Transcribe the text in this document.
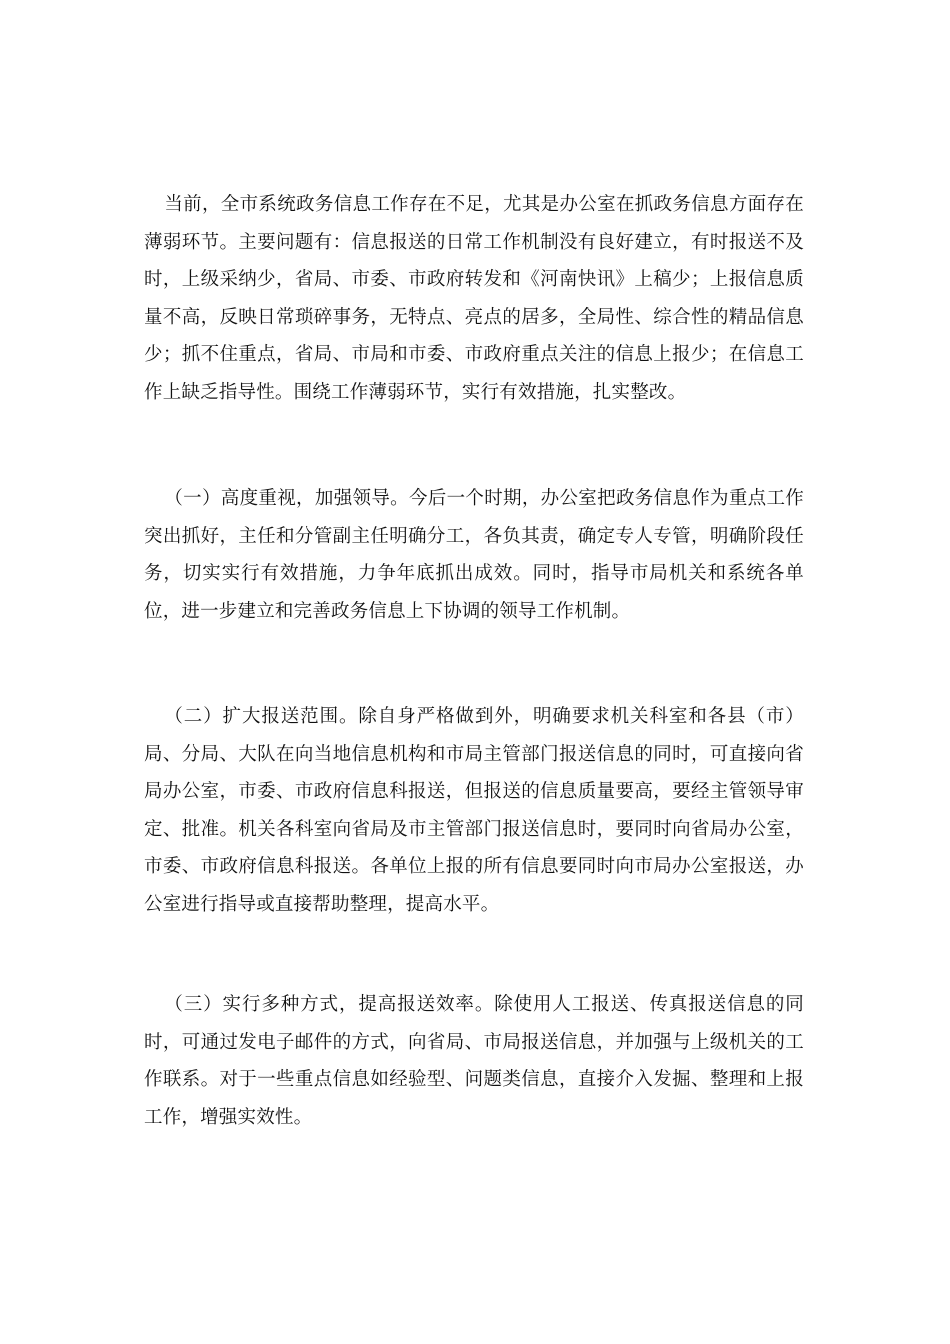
当前，全市系统政务信息工作存在不足，尤其是办公室在抓政务信息方面存在薄弱环节。主要问题有：信息报送的日常工作机制没有良好建立，有时报送不及时，上级采纳少，省局、市委、市政府转发和《河南快讯》上稿少；上报信息质量不高，反映日常琐碎事务，无特点、亮点的居多，全局性、综合性的精品信息少；抓不住重点，省局、市局和市委、市政府重点关注的信息上报少；在信息工作上缺乏指导性。围绕工作薄弱环节，实行有效措施，扎实整改。

（一）高度重视，加强领导。今后一个时期，办公室把政务信息作为重点工作突出抓好，主任和分管副主任明确分工，各负其责，确定专人专管，明确阶段任务，切实实行有效措施，力争年底抓出成效。同时，指导市局机关和系统各单位，进一步建立和完善政务信息上下协调的领导工作机制。

（二）扩大报送范围。除自身严格做到外，明确要求机关科室和各县（市）局、分局、大队在向当地信息机构和市局主管部门报送信息的同时，可直接向省局办公室，市委、市政府信息科报送，但报送的信息质量要高，要经主管领导审定、批准。机关各科室向省局及市主管部门报送信息时，要同时向省局办公室，市委、市政府信息科报送。各单位上报的所有信息要同时向市局办公室报送，办公室进行指导或直接帮助整理，提高水平。

（三）实行多种方式，提高报送效率。除使用人工报送、传真报送信息的同时，可通过发电子邮件的方式，向省局、市局报送信息，并加强与上级机关的工作联系。对于一些重点信息如经验型、问题类信息，直接介入发掘、整理和上报工作，增强实效性。
